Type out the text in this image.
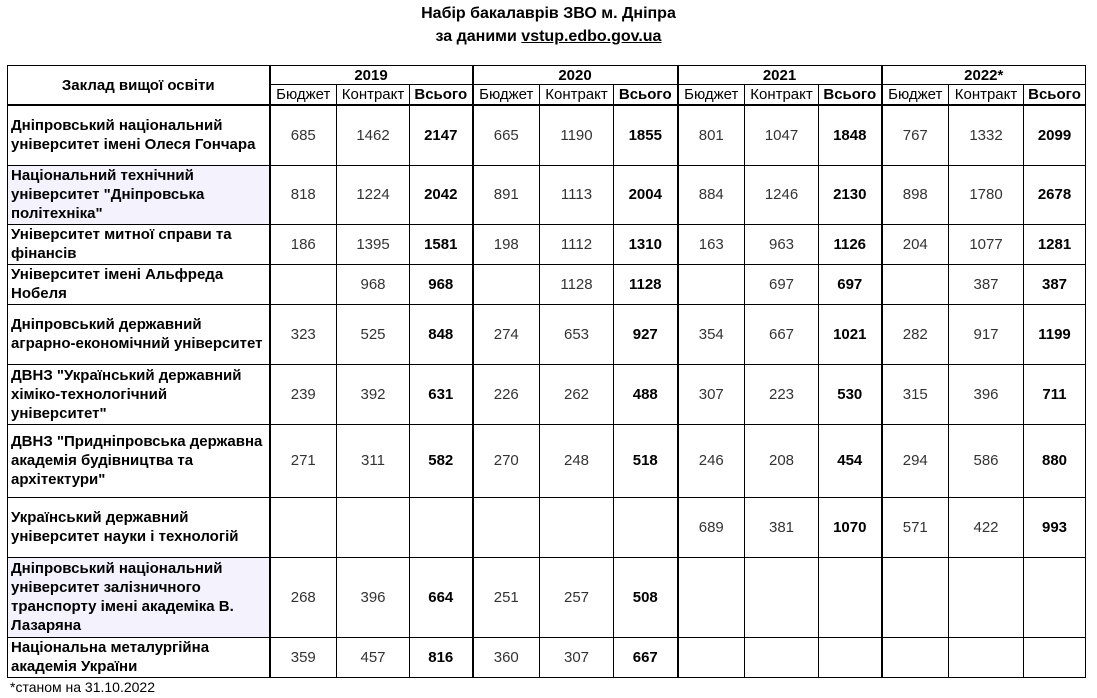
Набір бакалаврів ЗВО м. Дніпра
за даними vstup.edbo.gov.ua
Заклад вищої освіти	2019			2020			2021			2022*		
	Бюджет	Контракт	Всього	Бюджет	Контракт	Всього	Бюджет	Контракт	Всього	Бюджет	Контракт	Всього
Дніпровський національний університет імені Олеся Гончара	685	1462	2147	665	1190	1855	801	1047	1848	767	1332	2099
Національний технічний університет "Дніпровська політехніка"	818	1224	2042	891	1113	2004	884	1246	2130	898	1780	2678
Університет митної справи та фінансів	186	1395	1581	198	1112	1310	163	963	1126	204	1077	1281
Університет імені Альфреда Нобеля		968	968		1128	1128		697	697		387	387
Дніпровський державний аграрно-економічний університет	323	525	848	274	653	927	354	667	1021	282	917	1199
ДВНЗ "Український державний хіміко-технологічний університет"	239	392	631	226	262	488	307	223	530	315	396	711
ДВНЗ "Придніпровська державна академія будівництва та архітектури"	271	311	582	270	248	518	246	208	454	294	586	880
Український державний університет науки і технологій							689	381	1070	571	422	993
Дніпровський національний університет залізничного транспорту імені академіка В. Лазаряна	268	396	664	251	257	508						
Національна металургійна академія України	359	457	816	360	307	667						
*станом на 31.10.2022
